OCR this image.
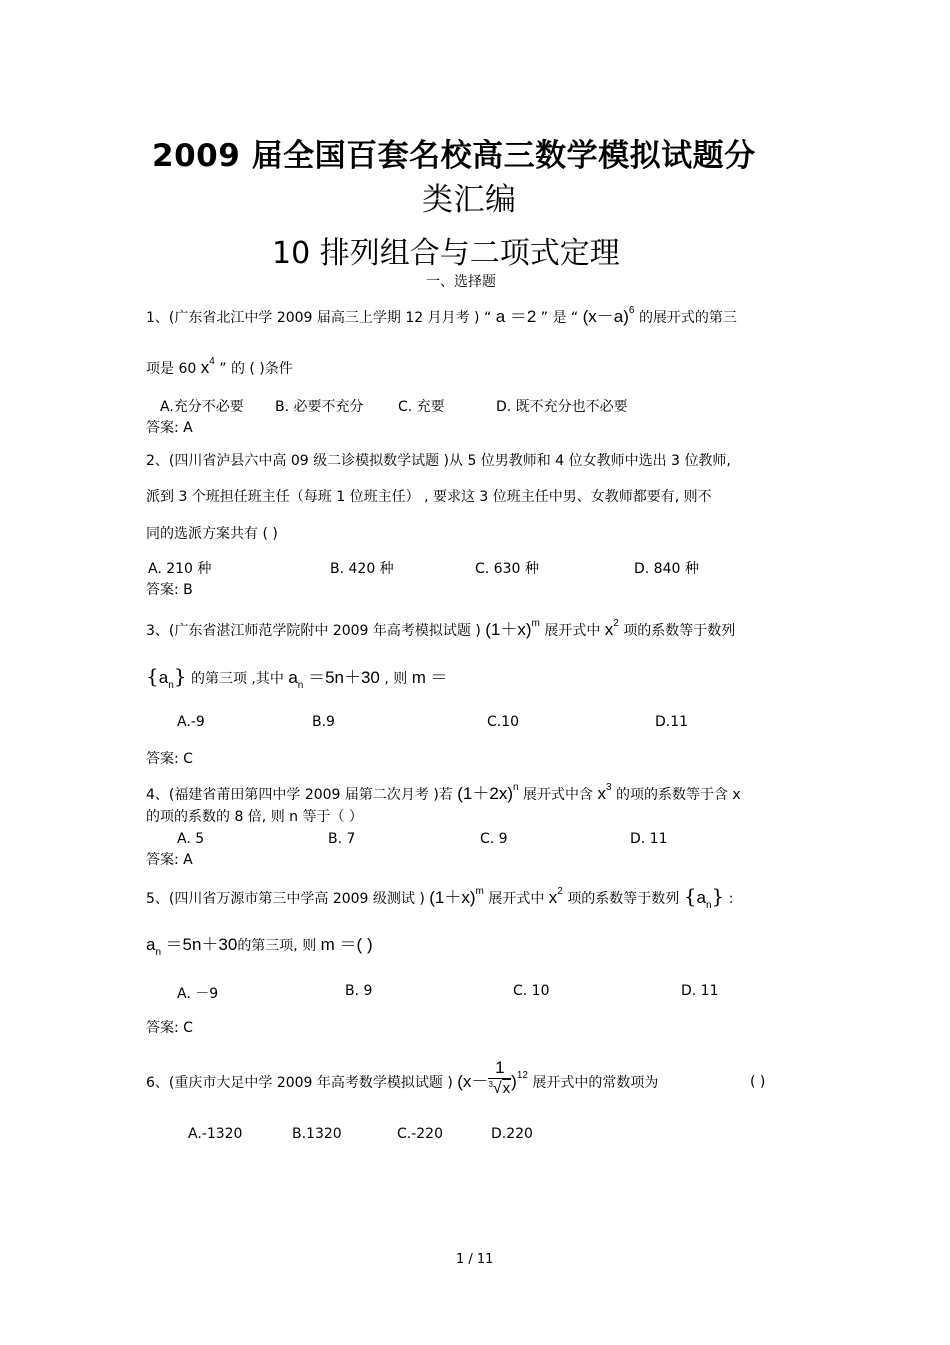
2009 届全国百套名校高三数学模拟试题分
类汇编
10 排列组合与二项式定理
一、选择题
1、(广东省北江中学 2009 届高三上学期 12 月月考 ) “ a ＝2 ” 是 “ $(x-a)^6$ 的展开式的第三
项是 60 $x^4$ ” 的 ( )条件
A.充分不必要 B. 必要不充分 C. 充要	D. 既不充分也不必要
答案: A
2、(四川省泸县六中高 09 级二诊模拟数学试题 )从 5 位男教师和 4 位女教师中选出 3 位教师,
派到 3 个班担任班主任（每班 1 位班主任） , 要求这 3 位班主任中男、女教师都要有, 则不
同的选派方案共有 ( )
A. 210 种	B. 420 种	C. 630 种	D. 840 种
答案: B
3、(广东省湛江师范学院附中 2009 年高考模拟试题 ) $(1+x)^m$ 展开式中 $x^2$ 项的系数等于数列
$\{a_n\}$ 的第三项 ,其中 $a_n =5n+30$ , 则 m ＝
A.-9	B.9	C.10	D.11
答案: C
4、(福建省莆田第四中学 2009 届第二次月考 )若 $(1+2x)^n$ 展开式中含 $x^3$ 的项的系数等于含 x
的项的系数的 8 倍, 则 n 等于（ ）
A. 5	B. 7	C. 9	D. 11
答案: A
5、(四川省万源市第三中学高 2009 级测试 ) $(1+x)^m$ 展开式中 $x^2$ 项的系数等于数列 $\{a_n\}$ :
$a_n =5n+30$的第三项, 则 m ＝( )
A. －9	B. 9	C. 10	D. 11
答案: C
6、(重庆市大足中学 2009 年高考数学模拟试题 ) $(x- \frac{1}{^3√x} )^{12}$ 展开式中的常数项为	( )
A.-1320	B.1320	C.-220	D.220
1 / 11
